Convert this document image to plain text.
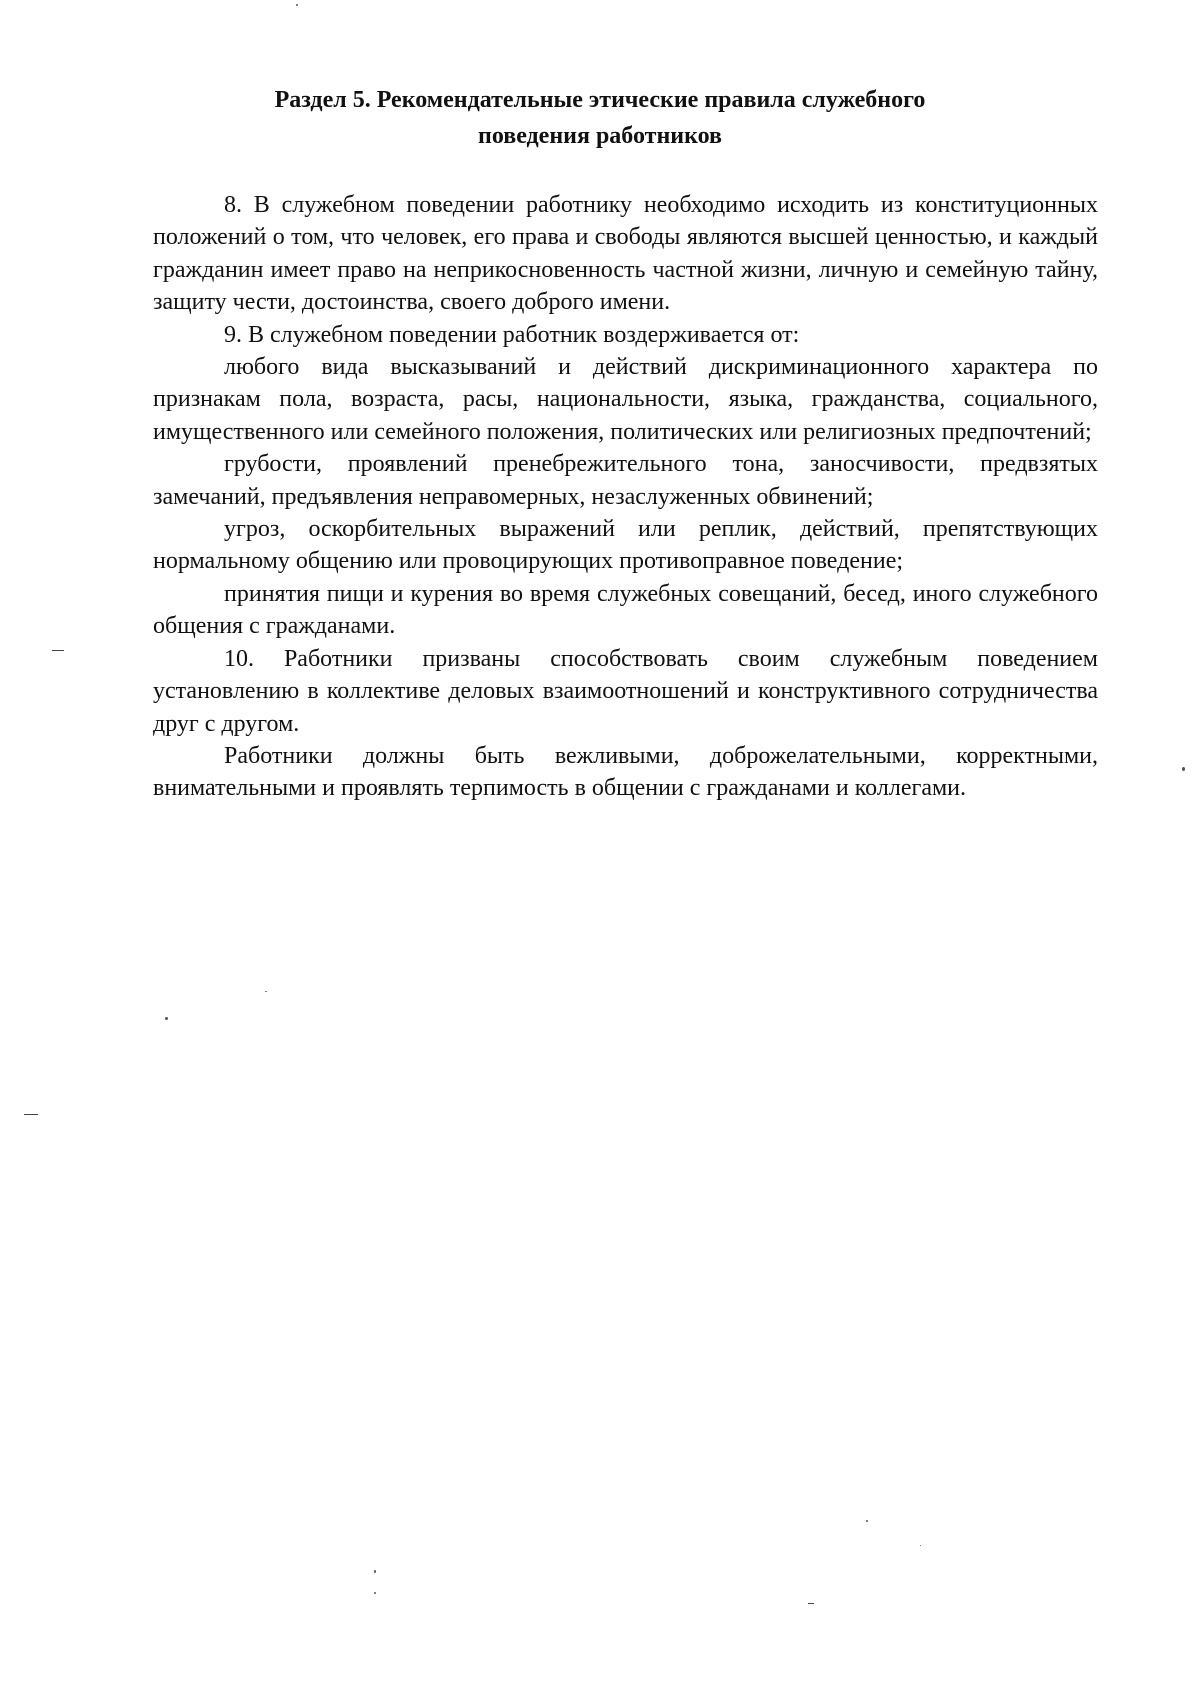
Раздел 5. Рекомендательные этические правила служебного
поведения работников

8. В служебном поведении работнику необходимо исходить из конституционных положений о том, что человек, его права и свободы являются высшей ценностью, и каждый гражданин имеет право на неприкосновенность частной жизни, личную и семейную тайну, защиту чести, достоинства, своего доброго имени.

9. В служебном поведении работник воздерживается от:

любого вида высказываний и действий дискриминационного характера по признакам пола, возраста, расы, национальности, языка, гражданства, социального, имущественного или семейного положения, политических или религиозных предпочтений;

грубости, проявлений пренебрежительного тона, заносчивости, предвзятых замечаний, предъявления неправомерных, незаслуженных обвинений;

угроз, оскорбительных выражений или реплик, действий, препятствующих нормальному общению или провоцирующих противоправное поведение;

принятия пищи и курения во время служебных совещаний, бесед, иного служебного общения с гражданами.

10. Работники призваны способствовать своим служебным поведением установлению в коллективе деловых взаимоотношений и конструктивного сотрудничества друг с другом.

Работники должны быть вежливыми, доброжелательными, корректными, внимательными и проявлять терпимость в общении с гражданами и коллегами.
